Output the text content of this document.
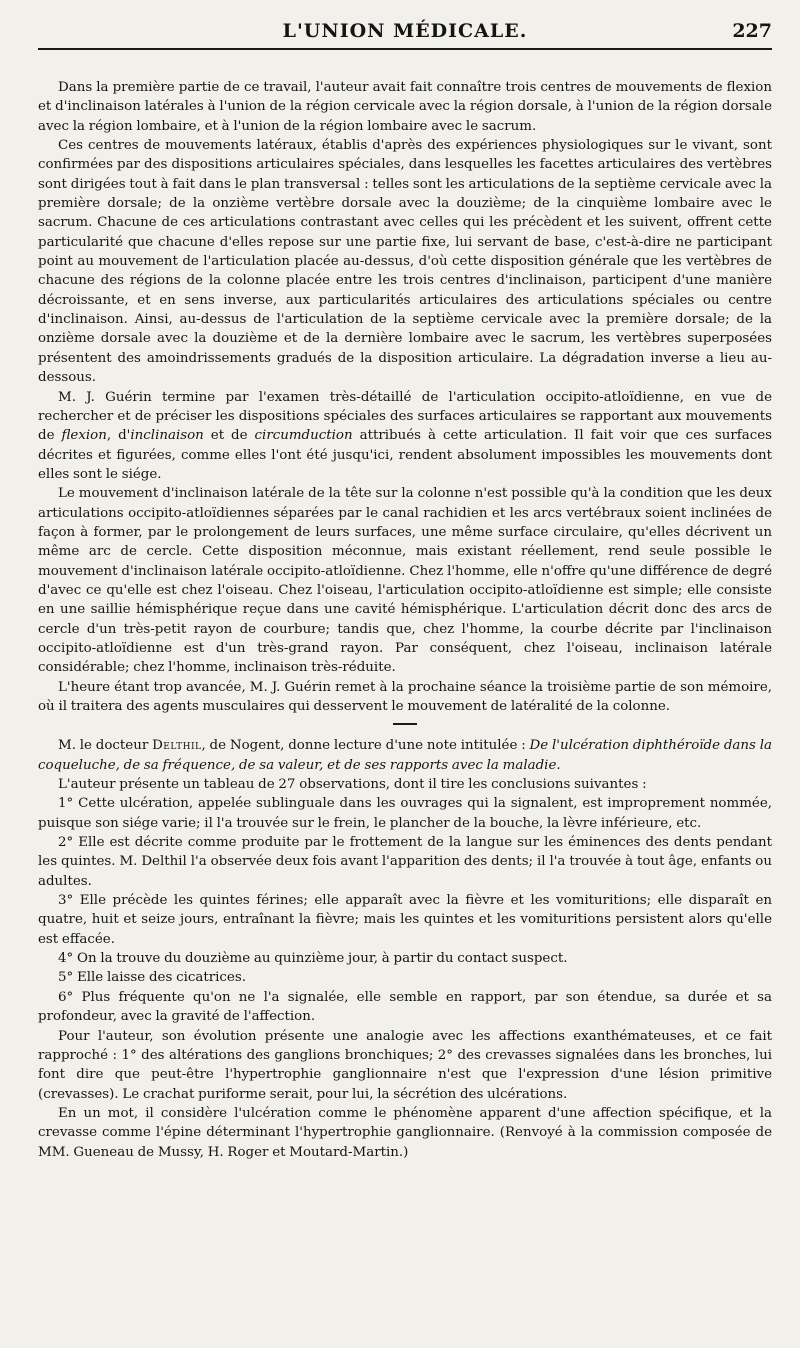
L'UNION MÉDICALE.	227

Dans la première partie de ce travail, l'auteur avait fait connaître trois centres de mouvements de flexion et d'inclinaison latérales à l'union de la région cervicale avec la région dorsale, à l'union de la région dorsale avec la région lombaire, et à l'union de la région lombaire avec le sacrum.

Ces centres de mouvements latéraux, établis d'après des expériences physiologiques sur le vivant, sont confirmées par des dispositions articulaires spéciales, dans lesquelles les facettes articulaires des vertèbres sont dirigées tout à fait dans le plan transversal : telles sont les articulations de la septième cervicale avec la première dorsale; de la onzième vertèbre dorsale avec la douzième; de la cinquième lombaire avec le sacrum. Chacune de ces articulations contrastant avec celles qui les précèdent et les suivent, offrent cette particularité que chacune d'elles repose sur une partie fixe, lui servant de base, c'est-à-dire ne participant point au mouvement de l'articulation placée au-dessus, d'où cette disposition générale que les vertèbres de chacune des régions de la colonne placée entre les trois centres d'inclinaison, participent d'une manière décroissante, et en sens inverse, aux particularités articulaires des articulations spéciales ou centre d'inclinaison. Ainsi, au-dessus de l'articulation de la septième cervicale avec la première dorsale; de la onzième dorsale avec la douzième et de la dernière lombaire avec le sacrum, les vertèbres superposées présentent des amoindrissements gradués de la disposition articulaire. La dégradation inverse a lieu au-dessous.

M. J. Guérin termine par l'examen très-détaillé de l'articulation occipito-atloïdienne, en vue de rechercher et de préciser les dispositions spéciales des surfaces articulaires se rapportant aux mouvements de flexion, d'inclinaison et de circumduction attribués à cette articulation. Il fait voir que ces surfaces décrites et figurées, comme elles l'ont été jusqu'ici, rendent absolument impossibles les mouvements dont elles sont le siége.

Le mouvement d'inclinaison latérale de la tête sur la colonne n'est possible qu'à la condition que les deux articulations occipito-atloïdiennes séparées par le canal rachidien et les arcs vertébraux soient inclinées de façon à former, par le prolongement de leurs surfaces, une même surface circulaire, qu'elles décrivent un même arc de cercle. Cette disposition méconnue, mais existant réellement, rend seule possible le mouvement d'inclinaison latérale occipito-atloïdienne. Chez l'homme, elle n'offre qu'une différence de degré d'avec ce qu'elle est chez l'oiseau. Chez l'oiseau, l'articulation occipito-atloïdienne est simple; elle consiste en une saillie hémisphérique reçue dans une cavité hémisphérique. L'articulation décrit donc des arcs de cercle d'un très-petit rayon de courbure; tandis que, chez l'homme, la courbe décrite par l'inclinaison occipito-atloïdienne est d'un très-grand rayon. Par conséquent, chez l'oiseau, inclinaison latérale considérable; chez l'homme, inclinaison très-réduite.

L'heure étant trop avancée, M. J. Guérin remet à la prochaine séance la troisième partie de son mémoire, où il traitera des agents musculaires qui desservent le mouvement de latéralité de la colonne.

M. le docteur Delthil, de Nogent, donne lecture d'une note intitulée : De l'ulcération diphthéroïde dans la coqueluche, de sa fréquence, de sa valeur, et de ses rapports avec la maladie.

L'auteur présente un tableau de 27 observations, dont il tire les conclusions suivantes :

1° Cette ulcération, appelée sublinguale dans les ouvrages qui la signalent, est improprement nommée, puisque son siége varie; il l'a trouvée sur le frein, le plancher de la bouche, la lèvre inférieure, etc.

2° Elle est décrite comme produite par le frottement de la langue sur les éminences des dents pendant les quintes. M. Delthil l'a observée deux fois avant l'apparition des dents; il l'a trouvée à tout âge, enfants ou adultes.

3° Elle précède les quintes férines; elle apparaît avec la fièvre et les vomituritions; elle disparaît en quatre, huit et seize jours, entraînant la fièvre; mais les quintes et les vomituritions persistent alors qu'elle est effacée.

4° On la trouve du douzième au quinzième jour, à partir du contact suspect.

5° Elle laisse des cicatrices.

6° Plus fréquente qu'on ne l'a signalée, elle semble en rapport, par son étendue, sa durée et sa profondeur, avec la gravité de l'affection.

Pour l'auteur, son évolution présente une analogie avec les affections exanthémateuses, et ce fait rapproché : 1° des altérations des ganglions bronchiques; 2° des crevasses signalées dans les bronches, lui font dire que peut-être l'hypertrophie ganglionnaire n'est que l'expression d'une lésion primitive (crevasses). Le crachat puriforme serait, pour lui, la sécrétion des ulcérations.

En un mot, il considère l'ulcération comme le phénomène apparent d'une affection spécifique, et la crevasse comme l'épine déterminant l'hypertrophie ganglionnaire. (Renvoyé à la commission composée de MM. Gueneau de Mussy, H. Roger et Moutard-Martin.)
